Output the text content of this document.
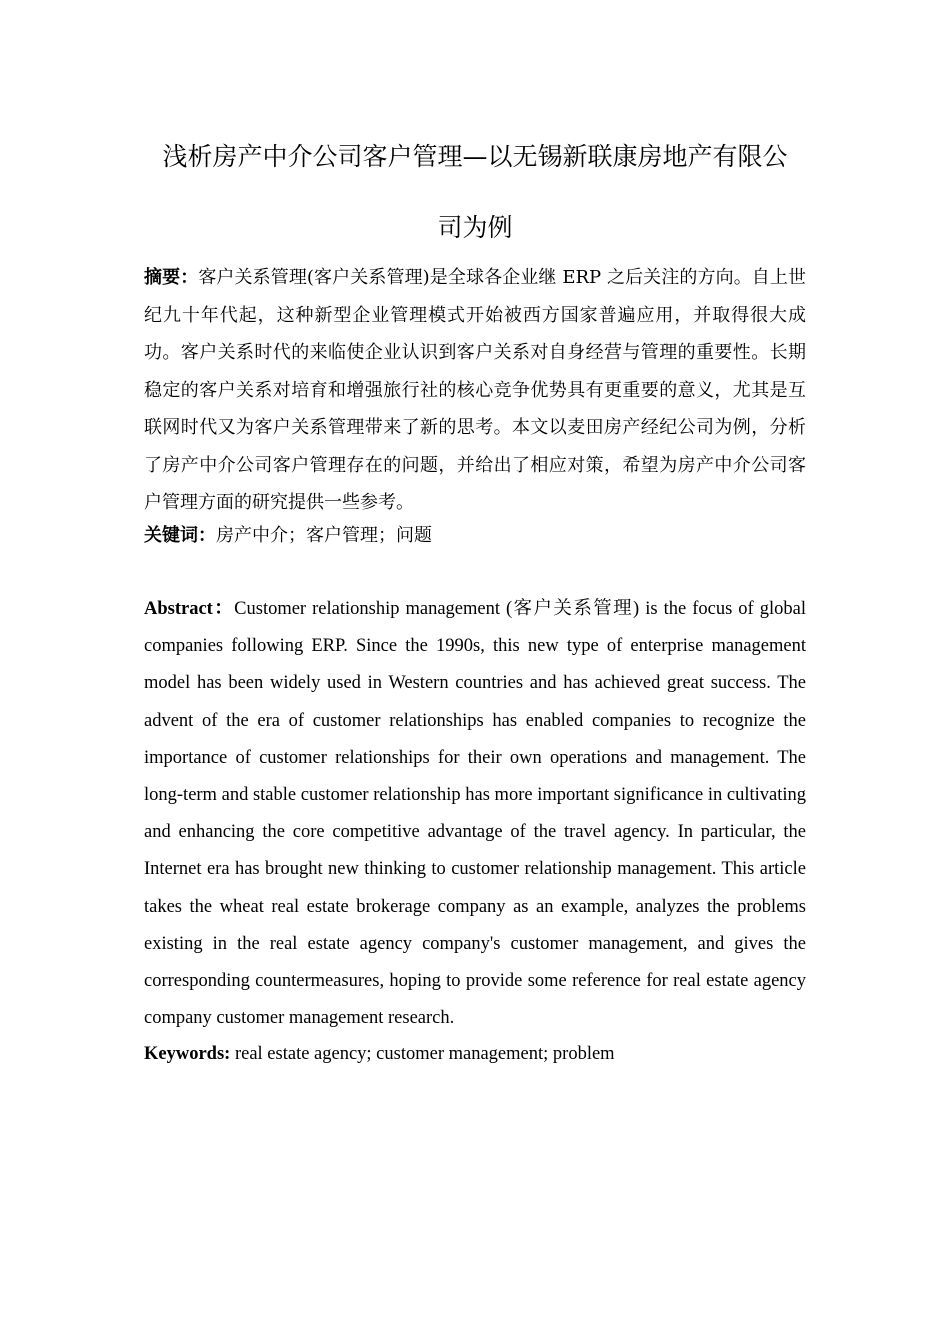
浅析房产中介公司客户管理—以无锡新联康房地产有限公
司为例

摘要：客户关系管理(客户关系管理)是全球各企业继 ERP 之后关注的方向。自上世纪九十年代起，这种新型企业管理模式开始被西方国家普遍应用，并取得很大成功。客户关系时代的来临使企业认识到客户关系对自身经营与管理的重要性。长期稳定的客户关系对培育和增强旅行社的核心竞争优势具有更重要的意义，尤其是互联网时代又为客户关系管理带来了新的思考。本文以麦田房产经纪公司为例，分析了房产中介公司客户管理存在的问题，并给出了相应对策，希望为房产中介公司客户管理方面的研究提供一些参考。

关键词：房产中介；客户管理；问题

Abstract：Customer relationship management (客户关系管理) is the focus of global companies following ERP. Since the 1990s, this new type of enterprise management model has been widely used in Western countries and has achieved great success. The advent of the era of customer relationships has enabled companies to recognize the importance of customer relationships for their own operations and management. The long-term and stable customer relationship has more important significance in cultivating and enhancing the core competitive advantage of the travel agency. In particular, the Internet era has brought new thinking to customer relationship management. This article takes the wheat real estate brokerage company as an example, analyzes the problems existing in the real estate agency company's customer management, and gives the corresponding countermeasures, hoping to provide some reference for real estate agency company customer management research.

Keywords: real estate agency; customer management; problem
